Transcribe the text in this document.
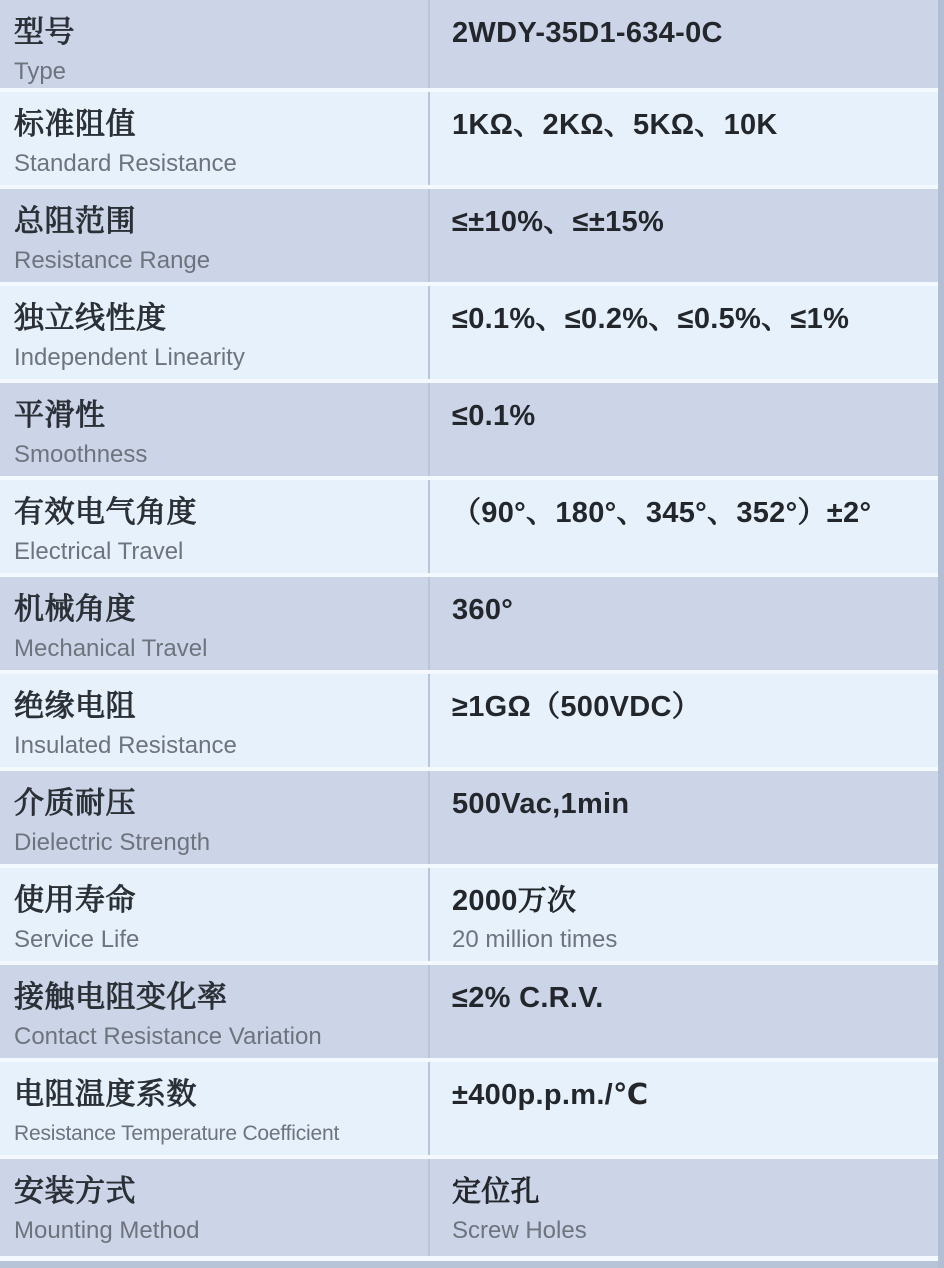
型号
Type
2WDY-35D1-634-0C
标准阻值
Standard Resistance
1KΩ、2KΩ、5KΩ、10K
总阻范围
Resistance Range
≤±10%、≤±15%
独立线性度
Independent Linearity
≤0.1%、≤0.2%、≤0.5%、≤1%
平滑性
Smoothness
≤0.1%
有效电气角度
Electrical Travel
（90°、180°、345°、352°）±2°
机械角度
Mechanical Travel
360°
绝缘电阻
Insulated Resistance
≥1GΩ（500VDC）
介质耐压
Dielectric Strength
500Vac,1min
使用寿命
Service Life
2000万次
20 million times
接触电阻变化率
Contact Resistance Variation
≤2% C.R.V.
电阻温度系数
Resistance Temperature Coefficient
±400p.p.m./℃
安装方式
Mounting Method
定位孔
Screw Holes
